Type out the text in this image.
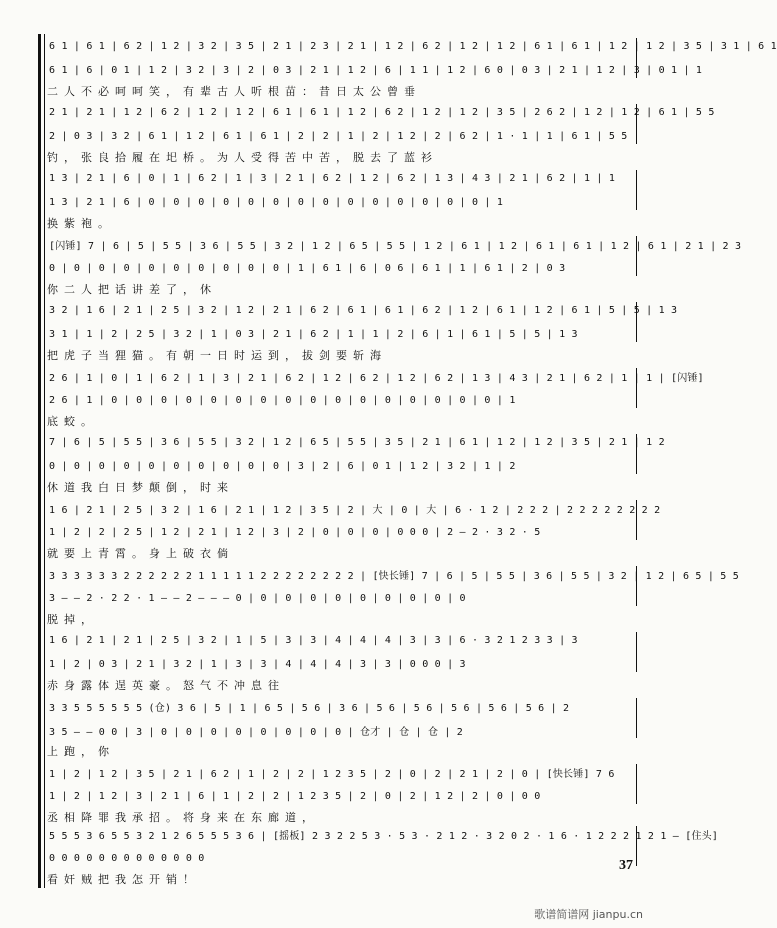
6 1 | 6 1 | 6 2 | 1 2 | 3 2 | 3 5 | 2 1 | 2 3 | 2 1 | 1 2 | 6 2 | 1 2 | 1 2 | 6 1 | 6 1 | 1 2 | 1 2 | 3 5 | 3 1 | 6 1
6 1 | 6 | 0 1 | 1 2 | 3 2 | 3 | 2 | 0 3 | 2 1 | 1 2 | 6 | 1 1 | 1 2 | 6 0 | 0 3 | 2 1 | 1 2 | 3 | 0 1 | 1
二人不必呵呵笑，有辈古人听根苗：昔日太公曾垂
2 1 | 2 1 | 1 2 | 6 2 | 1 2 | 1 2 | 6 1 | 6 1 | 1 2 | 6 2 | 1 2 | 1 2 | 3 5 | 2 6 2 | 1 2 | 1 2 | 6 1 | 5 5
2 | 0 3 | 3 2 | 6 1 | 1 2 | 6 1 | 6 1 | 2 | 2 | 1 | 2 | 1 2 | 2 | 6 2 | 1 · 1 | 1 | 6 1 | 5 5
钓，张良拾履在圯桥。为人受得苦中苦，脱去了蓝衫
1 3 | 2 1 | 6 | 0 | 1 | 6 2 | 1 | 3 | 2 1 | 6 2 | 1 2 | 6 2 | 1 3 | 4 3 | 2 1 | 6 2 | 1 | 1
1 3 | 2 1 | 6 | 0 | 0 | 0 | 0 | 0 | 0 | 0 | 0 | 0 | 0 | 0 | 0 | 0 | 0 | 1
换紫袍。
[闪锤] 7 | 6 | 5 | 5 5 | 3 6 | 5 5 | 3 2 | 1 2 | 6 5 | 5 5 | 1 2 | 6 1 | 1 2 | 6 1 | 6 1 | 1 2 | 6 1 | 2 1 | 2 3
0 | 0 | 0 | 0 | 0 | 0 | 0 | 0 | 0 | 0 | 1 | 6 1 | 6 | 0 6 | 6 1 | 1 | 6 1 | 2 | 0 3
你二人把话讲差了，休
3 2 | 1 6 | 2 1 | 2 5 | 3 2 | 1 2 | 2 1 | 6 2 | 6 1 | 6 1 | 6 2 | 1 2 | 6 1 | 1 2 | 6 1 | 5 | 5 | 1 3
3 1 | 1 | 2 | 2 5 | 3 2 | 1 | 0 3 | 2 1 | 6 2 | 1 | 1 | 2 | 6 | 1 | 6 1 | 5 | 5 | 1 3
把虎子当狸猫。有朝一日时运到，拔剑要斩海
2 6 | 1 | 0 | 1 | 6 2 | 1 | 3 | 2 1 | 6 2 | 1 2 | 6 2 | 1 2 | 6 2 | 1 3 | 4 3 | 2 1 | 6 2 | 1 | 1 | [闪锤]
2 6 | 1 | 0 | 0 | 0 | 0 | 0 | 0 | 0 | 0 | 0 | 0 | 0 | 0 | 0 | 0 | 0 | 0 | 1
底蛟。
7 | 6 | 5 | 5 5 | 3 6 | 5 5 | 3 2 | 1 2 | 6 5 | 5 5 | 3 5 | 2 1 | 6 1 | 1 2 | 1 2 | 3 5 | 2 1 | 1 2
0 | 0 | 0 | 0 | 0 | 0 | 0 | 0 | 0 | 0 | 3 | 2 | 6 | 0 1 | 1 2 | 3 2 | 1 | 2
休道我白日梦颠倒，时来
1 6 | 2 1 | 2 5 | 3 2 | 1 6 | 2 1 | 1 2 | 3 5 | 2 | 大 | 0 | 大 | 6 · 1 2 | 2 2 2 | 2 2 2 2 2 2 2 2
1 | 2 | 2 | 2 5 | 1 2 | 2 1 | 1 2 | 3 | 2 | 0 | 0 | 0 | 0 0 0 | 2 — 2 · 3 2 · 5
就要上青霄。身上破衣倘
3 3 3 3 3 3 2 2 2 2 2 2 1 1 1 1 1 2 2 2 2 2 2 2 2 | [快长锤] 7 | 6 | 5 | 5 5 | 3 6 | 5 5 | 3 2 | 1 2 | 6 5 | 5 5
3 — — 2 · 2 2 · 1 — — 2 — — — 0 | 0 | 0 | 0 | 0 | 0 | 0 | 0 | 0 | 0
脱掉，
1 6 | 2 1 | 2 1 | 2 5 | 3 2 | 1 | 5 | 3 | 3 | 4 | 4 | 4 | 3 | 3 | 6 · 3 2 1 2 3 3 | 3
1 | 2 | 0 3 | 2 1 | 3 2 | 1 | 3 | 3 | 4 | 4 | 4 | 3 | 3 | 0 0 0 | 3
赤身露体逞英豪。怒气不冲息往
3 3 5 5 5 5 5 5 (仓) 3 6 | 5 | 1 | 6 5 | 5 6 | 3 6 | 5 6 | 5 6 | 5 6 | 5 6 | 5 6 | 2
3 5 — — 0 0 | 3 | 0 | 0 | 0 | 0 | 0 | 0 | 0 | 0 | 仓才 | 仓 | 仓 | 2
上跑，你
1 | 2 | 1 2 | 3 5 | 2 1 | 6 2 | 1 | 2 | 2 | 1 2 3 5 | 2 | 0 | 2 | 2 1 | 2 | 0 | [快长锤] 7 6
1 | 2 | 1 2 | 3 | 2 1 | 6 | 1 | 2 | 2 | 1 2 3 5 | 2 | 0 | 2 | 1 2 | 2 | 0 | 0 0
丞相降罪我承招。将身来在东廊道，
5 5 5 3 6 5 5 3 2 1 2 6 5 5 5 3 6 | [摇板] 2 3 2 2 5 3 · 5 3 · 2 1 2 · 3 2 0 2 · 1 6 · 1 2 2 2 1 2 1 — [住头]
0 0 0 0 0 0 0 0 0 0 0 0 0
看奸贼把我怎开销！
37
歌谱简谱网 jianpu.cn
